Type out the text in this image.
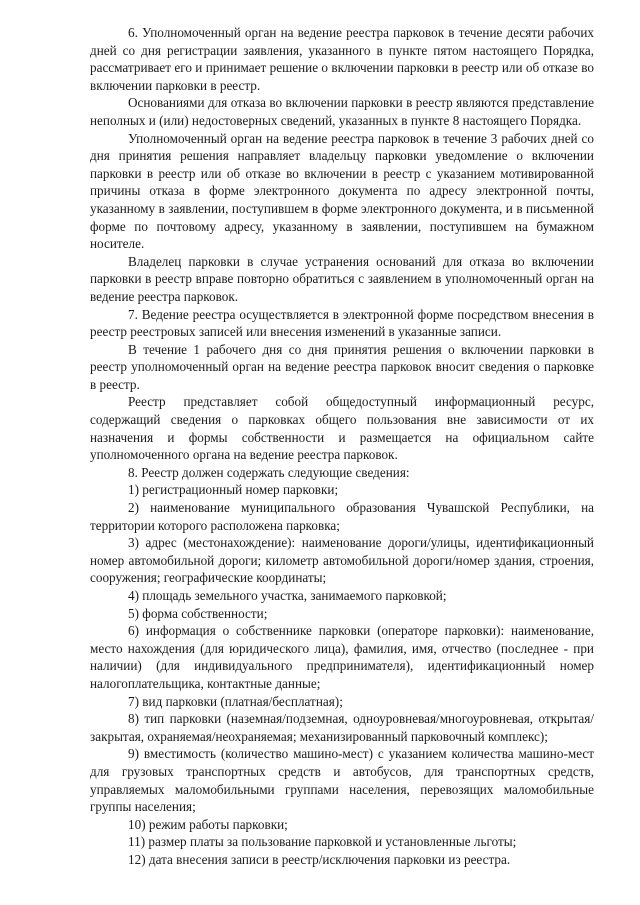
6. Уполномоченный орган на ведение реестра парковок в течение десяти рабочих дней со дня регистрации заявления, указанного в пункте пятом настоящего Порядка, рассматривает его и принимает решение о включении парковки в реестр или об отказе во включении парковки в реестр.

Основаниями для отказа во включении парковки в реестр являются представление неполных и (или) недостоверных сведений, указанных в пункте 8 настоящего Порядка.

Уполномоченный орган на ведение реестра парковок в течение 3 рабочих дней со дня принятия решения направляет владельцу парковки уведомление о включении парковки в реестр или об отказе во включении в реестр с указанием мотивированной причины отказа в форме электронного документа по адресу электронной почты, указанному в заявлении, поступившем в форме электронного документа, и в письменной форме по почтовому адресу, указанному в заявлении, поступившем на бумажном носителе.

Владелец парковки в случае устранения оснований для отказа во включении парковки в реестр вправе повторно обратиться с заявлением в уполномоченный орган на ведение реестра парковок.

7. Ведение реестра осуществляется в электронной форме посредством внесения в реестр реестровых записей или внесения изменений в указанные записи.

В течение 1 рабочего дня со дня принятия решения о включении парковки в реестр уполномоченный орган на ведение реестра парковок вносит сведения о парковке в реестр.

Реестр представляет собой общедоступный информационный ресурс, содержащий сведения о парковках общего пользования вне зависимости от их назначения и формы собственности и размещается на официальном сайте уполномоченного органа на ведение реестра парковок.

8. Реестр должен содержать следующие сведения:

1) регистрационный номер парковки;

2) наименование муниципального образования Чувашской Республики, на территории которого расположена парковка;

3) адрес (местонахождение): наименование дороги/улицы, идентификационный номер автомобильной дороги; километр автомобильной дороги/номер здания, строения, сооружения; географические координаты;

4) площадь земельного участка, занимаемого парковкой;

5) форма собственности;

6) информация о собственнике парковки (операторе парковки): наименование, место нахождения (для юридического лица), фамилия, имя, отчество (последнее - при наличии) (для индивидуального предпринимателя), идентификационный номер налогоплательщика, контактные данные;

7) вид парковки (платная/бесплатная);

8) тип парковки (наземная/подземная, одноуровневая/многоуровневая, открытая/закрытая, охраняемая/неохраняемая; механизированный парковочный комплекс);

9) вместимость (количество машино-мест) с указанием количества машино-мест для грузовых транспортных средств и автобусов, для транспортных средств, управляемых маломобильными группами населения, перевозящих маломобильные группы населения;

10) режим работы парковки;

11) размер платы за пользование парковкой и установленные льготы;

12) дата внесения записи в реестр/исключения парковки из реестра.
